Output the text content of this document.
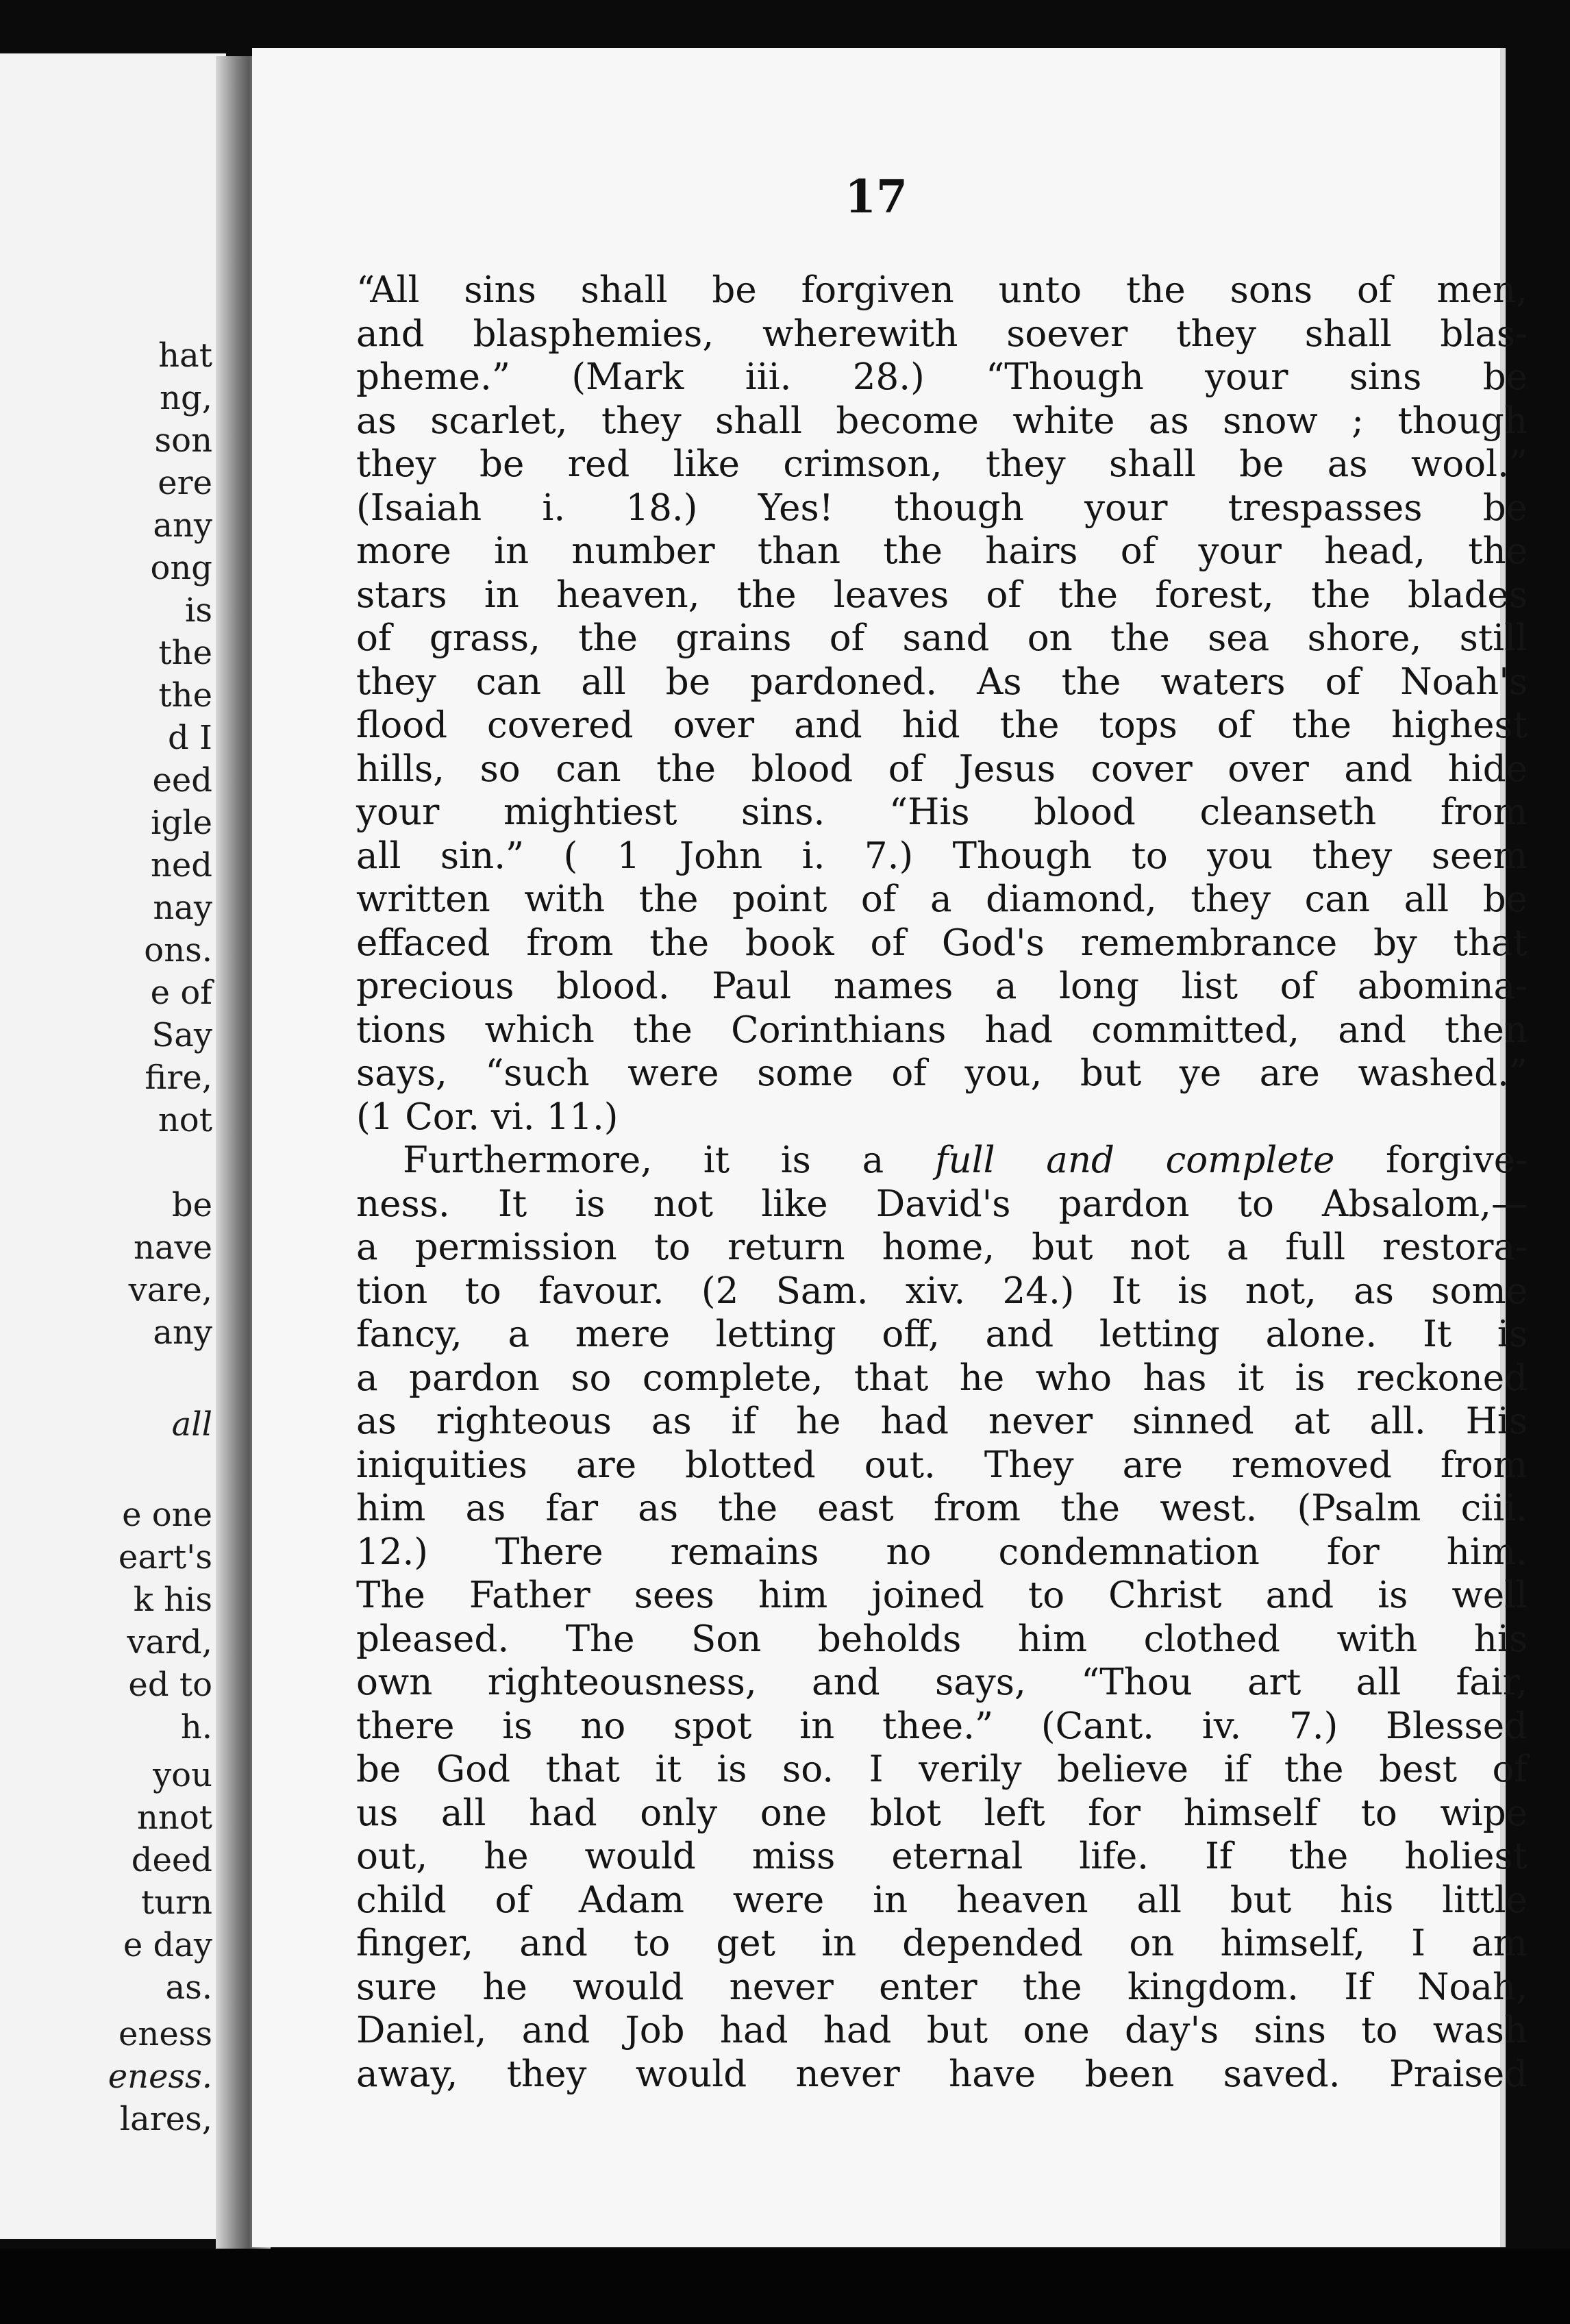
hat
ng,
son
ere
any
ong
is
the
the
d I
eed
igle
ned
nay
ons.
e of
Say
fire,
not
be
nave
vare,
any
all
e one
eart's
k his
vard,
ed to
h.
you
nnot
deed
turn
e day
as.
eness
eness.
lares,
17
“All sins shall be forgiven unto the sons of men,
and blasphemies, wherewith soever they shall blas-
pheme.” (Mark iii. 28.) “Though your sins be
as scarlet, they shall become white as snow ; though
they be red like crimson, they shall be as wool.”
(Isaiah i. 18.) Yes! though your trespasses be
more in number than the hairs of your head, the
stars in heaven, the leaves of the forest, the blades
of grass, the grains of sand on the sea shore, still
they can all be pardoned. As the waters of Noah's
flood covered over and hid the tops of the highest
hills, so can the blood of Jesus cover over and hide
your mightiest sins. “His blood cleanseth from
all sin.” ( 1 John i. 7.) Though to you they seem
written with the point of a diamond, they can all be
effaced from the book of God's remembrance by that
precious blood. Paul names a long list of abomina-
tions which the Corinthians had committed, and then
says, “such were some of you, but ye are washed.”
(1 Cor. vi. 11.)
Furthermore, it is a full and complete forgive-
ness. It is not like David's pardon to Absalom,—
a permission to return home, but not a full restora-
tion to favour. (2 Sam. xiv. 24.) It is not, as some
fancy, a mere letting off, and letting alone. It is
a pardon so complete, that he who has it is reckoned
as righteous as if he had never sinned at all. His
iniquities are blotted out. They are removed from
him as far as the east from the west. (Psalm ciii.
12.) There remains no condemnation for him.
The Father sees him joined to Christ and is well
pleased. The Son beholds him clothed with his
own righteousness, and says, “Thou art all fair,
there is no spot in thee.” (Cant. iv. 7.) Blessed
be God that it is so. I verily believe if the best of
us all had only one blot left for himself to wipe
out, he would miss eternal life. If the holiest
child of Adam were in heaven all but his little
finger, and to get in depended on himself, I am
sure he would never enter the kingdom. If Noah,
Daniel, and Job had had but one day's sins to wash
away, they would never have been saved. Praised
